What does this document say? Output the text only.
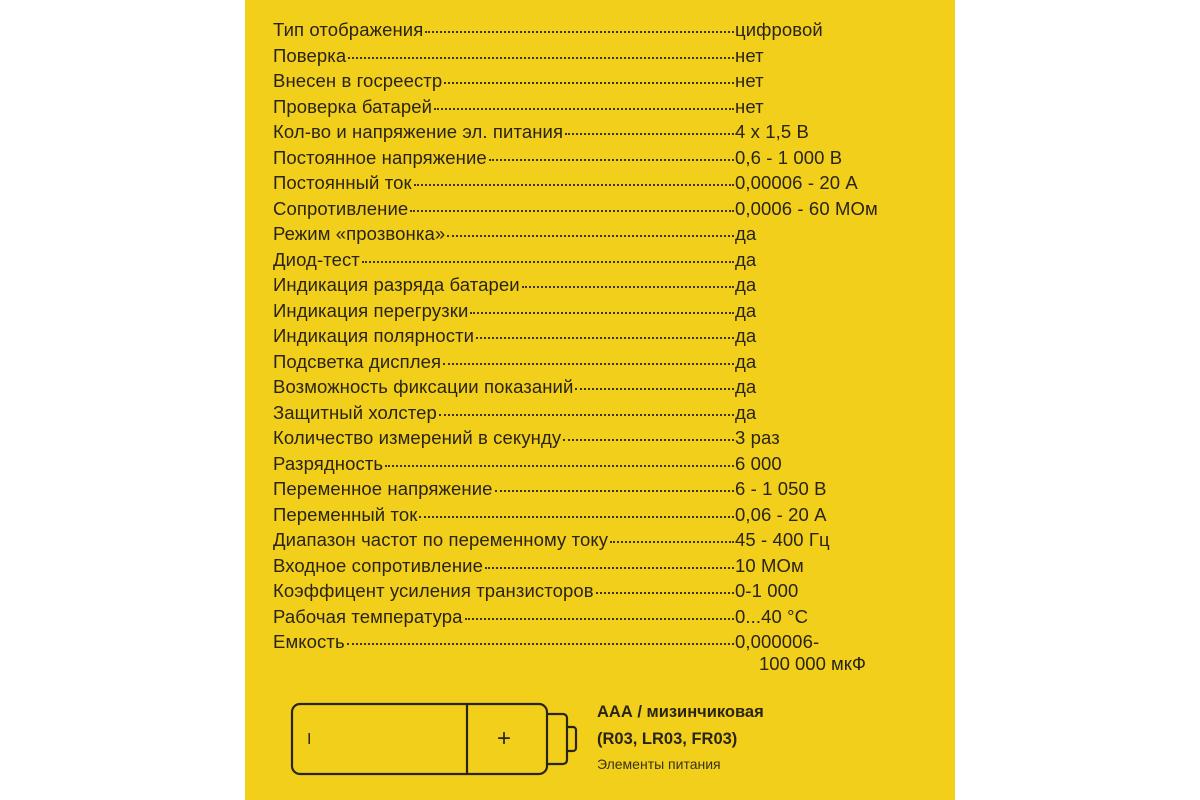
Тип отображения	цифровой
Поверка	нет
Внесен в госреестр	нет
Проверка батарей	нет
Кол-во и напряжение эл. питания	4 x 1,5 В
Постоянное напряжение	0,6 - 1 000 В
Постоянный ток	0,00006 - 20 А
Сопротивление	0,0006 - 60 МОм
Режим «прозвонка»	да
Диод-тест	да
Индикация разряда батареи	да
Индикация перегрузки	да
Индикация полярности	да
Подсветка дисплея	да
Возможность фиксации показаний	да
Защитный холстер	да
Количество измерений в секунду	3 раз
Разрядность	6 000
Переменное напряжение	6 - 1 050 В
Переменный ток	0,06 - 20 А
Диапазон частот по переменному току	45 - 400 Гц
Входное сопротивление	10 МОм
Коэффицент усиления транзисторов	0-1 000
Рабочая температура	0...40 °С
Емкость	0,000006-
100 000 мкФ
I	+
ААА / мизинчиковая
(R03, LR03, FR03)
Элементы питания
